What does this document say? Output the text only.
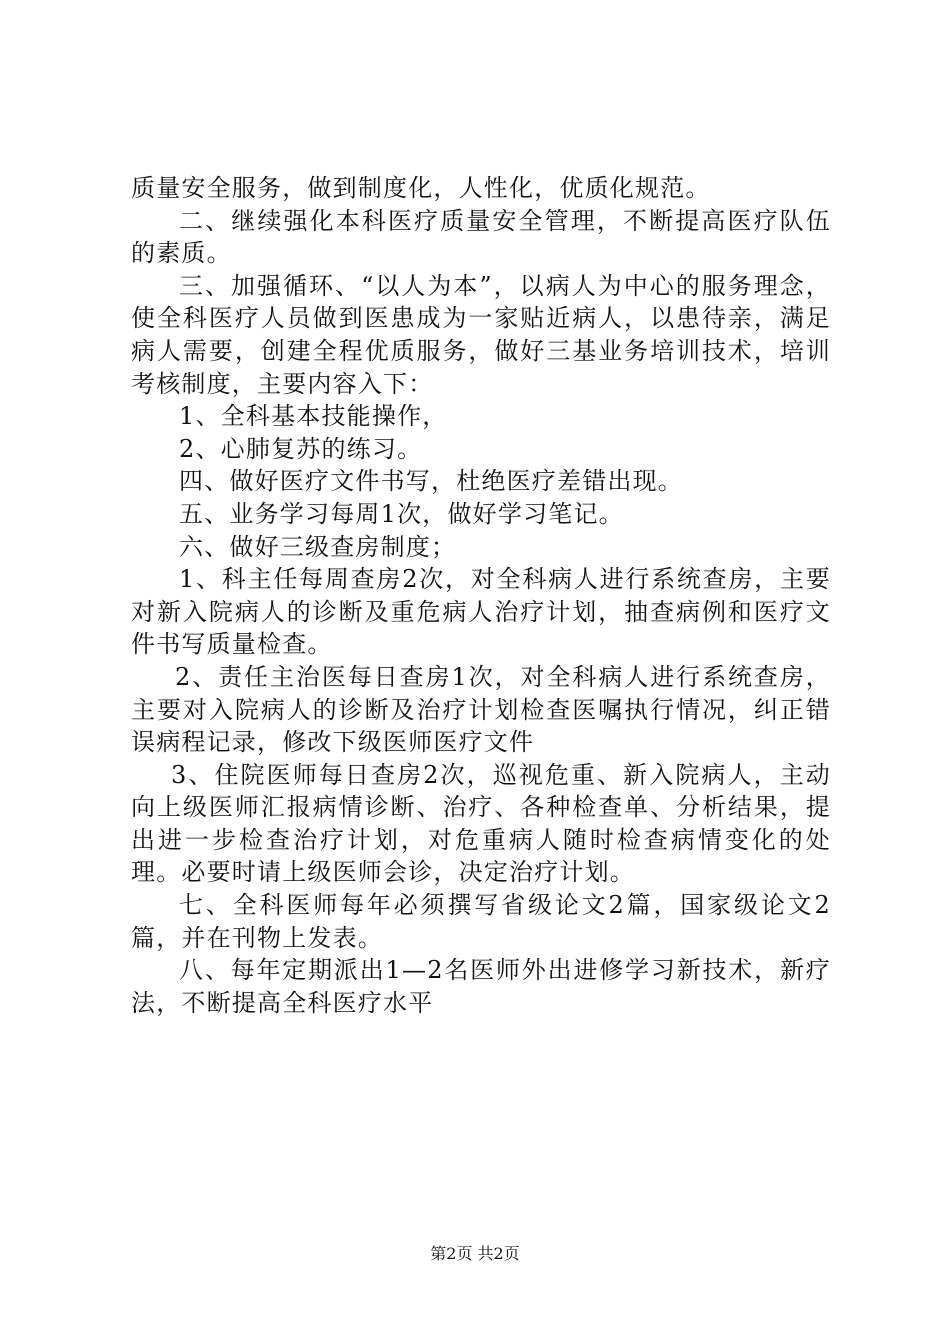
质量安全服务，做到制度化，人性化，优质化规范。

二、继续强化本科医疗质量安全管理，不断提高医疗队伍的素质。

三、加强循环、“以人为本”，以病人为中心的服务理念，使全科医疗人员做到医患成为一家贴近病人，以患待亲，满足病人需要，创建全程优质服务，做好三基业务培训技术，培训考核制度，主要内容入下：

1、全科基本技能操作，

2、心肺复苏的练习。

四、做好医疗文件书写，杜绝医疗差错出现。

五、业务学习每周1次，做好学习笔记。

六、做好三级查房制度；

1、科主任每周查房2次，对全科病人进行系统查房，主要对新入院病人的诊断及重危病人治疗计划，抽查病例和医疗文件书写质量检查。

2、责任主治医每日查房1次，对全科病人进行系统查房，主要对入院病人的诊断及治疗计划检查医嘱执行情况，纠正错误病程记录，修改下级医师医疗文件

3、住院医师每日查房2次，巡视危重、新入院病人，主动向上级医师汇报病情诊断、治疗、各种检查单、分析结果，提出进一步检查治疗计划，对危重病人随时检查病情变化的处理。必要时请上级医师会诊，决定治疗计划。

七、全科医师每年必须撰写省级论文2篇，国家级论文2篇，并在刊物上发表。

八、每年定期派出1—2名医师外出进修学习新技术，新疗法，不断提高全科医疗水平

第2页 共2页
